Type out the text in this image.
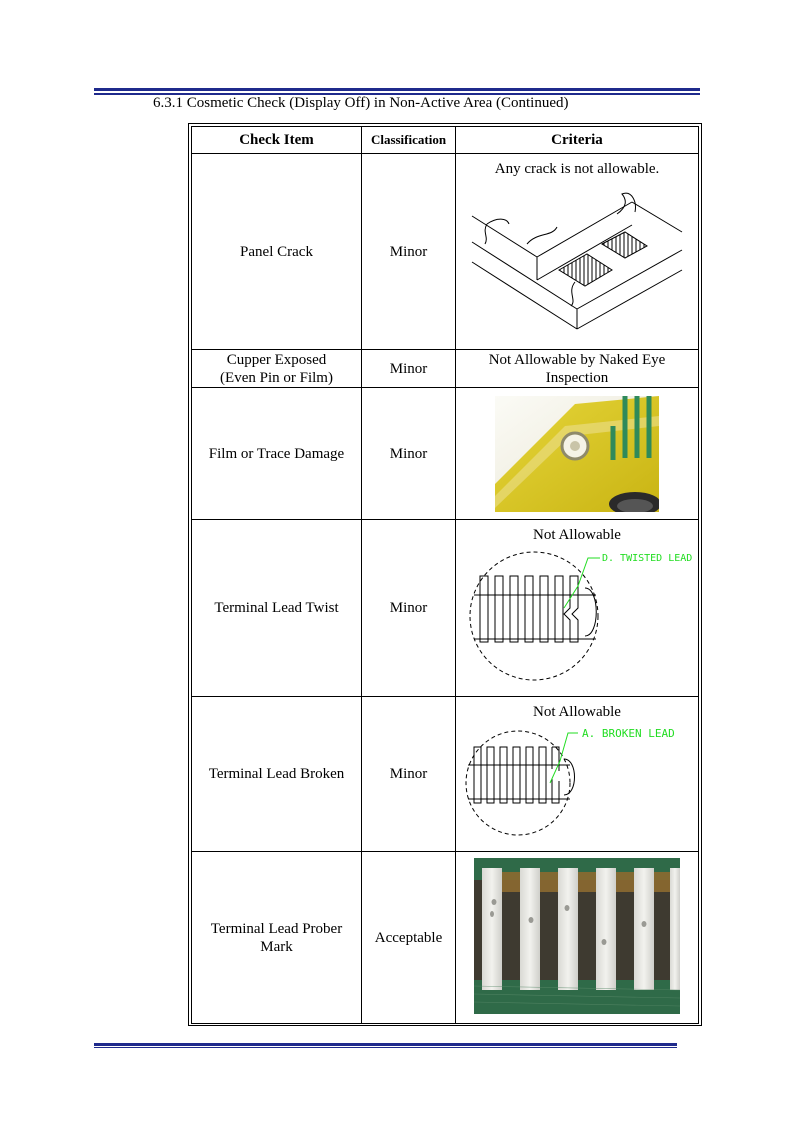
6.3.1 Cosmetic Check (Display Off) in Non-Active Area (Continued)
Check Item	Classification	Criteria
Panel Crack	Minor	Any crack is not allowable.

Cupper Exposed
(Even Pin or Film)	Minor	Not Allowable by Naked Eye Inspection
Film or Trace Damage	Minor	

Terminal Lead Twist	Minor	Not Allowable
D. TWISTED LEAD

Terminal Lead Broken	Minor	Not Allowable
A. BROKEN LEAD

Terminal Lead Prober Mark	Acceptable	
